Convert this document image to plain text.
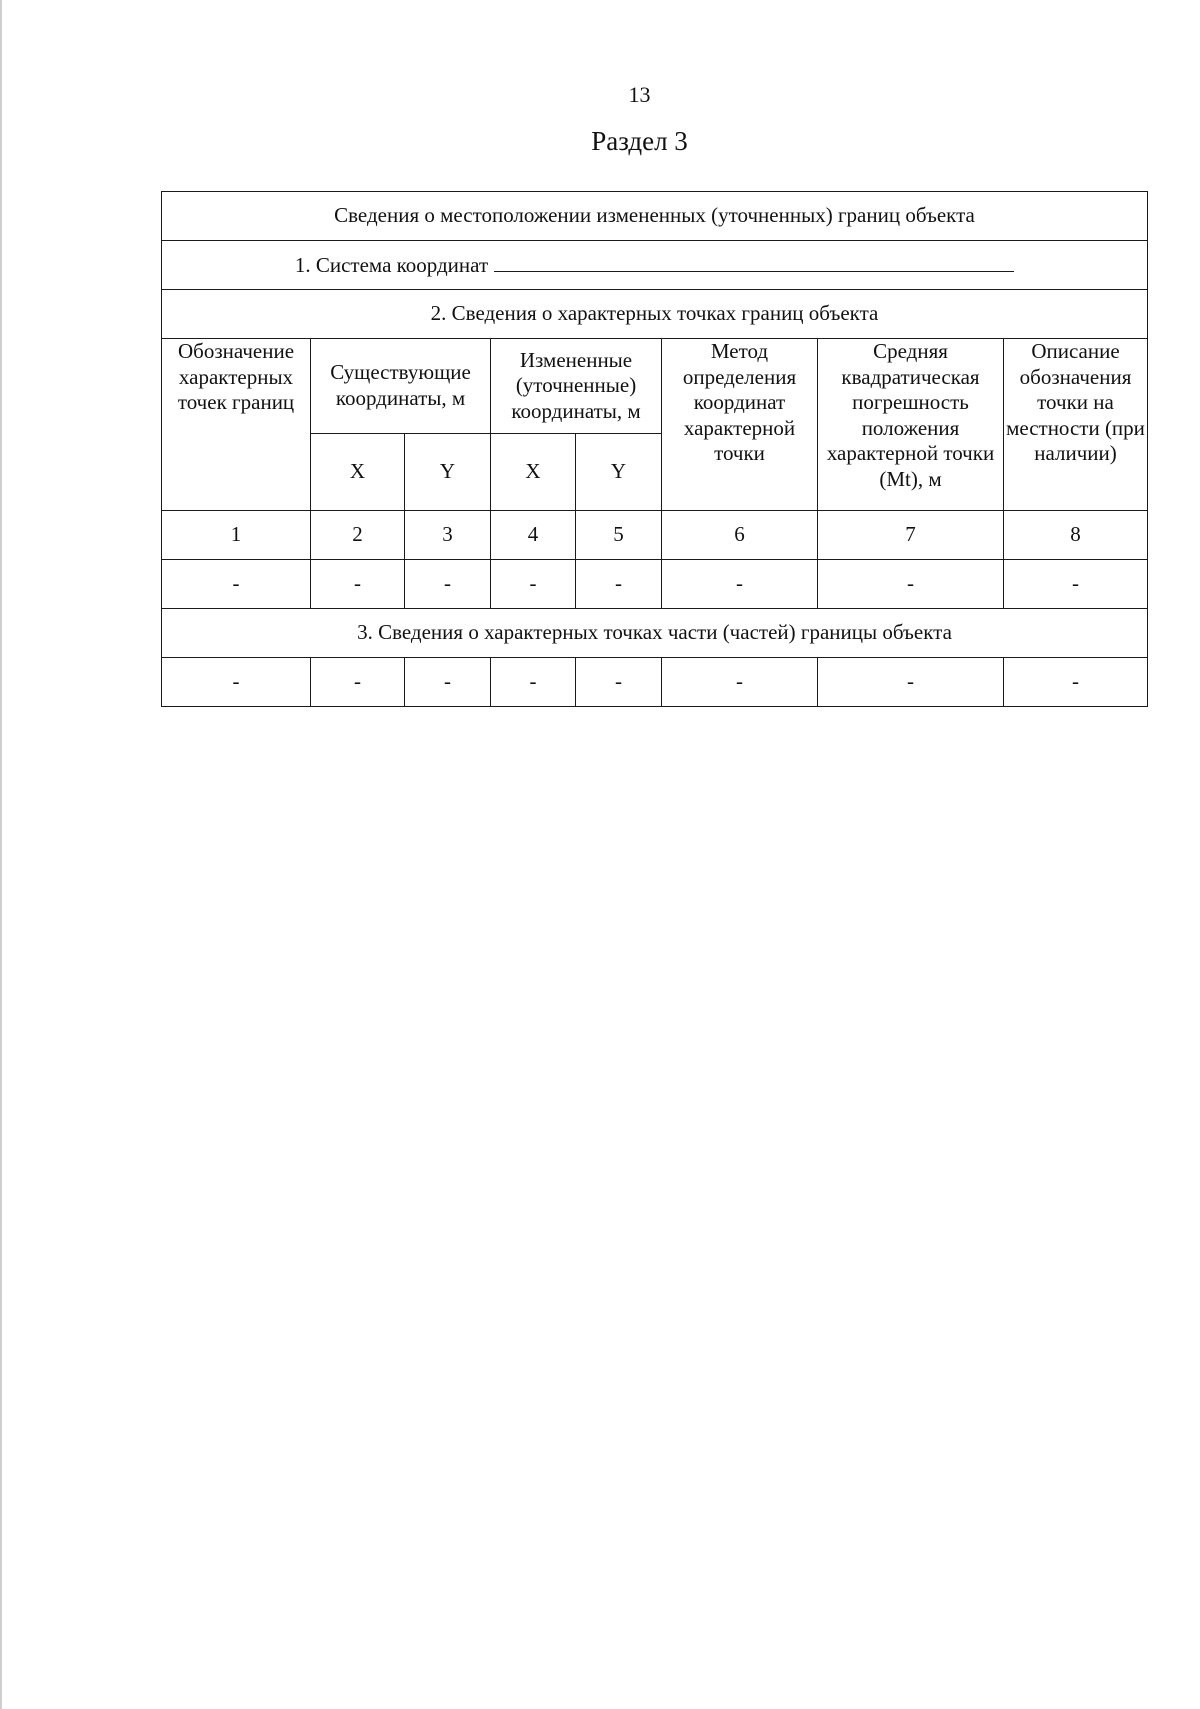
13
Раздел 3
Сведения о местоположении измененных (уточненных) границ объекта							
1. Система координат							
2. Сведения о характерных точках границ объекта							
Обозначение характерных точек границ	Существующие координаты, м		Измененные (уточненные) координаты, м		Метод определения координат характерной точки	Средняя квадратическая погрешность положения характерной точки (Mt), м	Описание обозначения точки на местности (при наличии)
	X	Y	X	Y			
1	2	3	4	5	6	7	8
-	-	-	-	-	-	-	-
3. Сведения о характерных точках части (частей) границы объекта							
-	-	-	-	-	-	-	-
